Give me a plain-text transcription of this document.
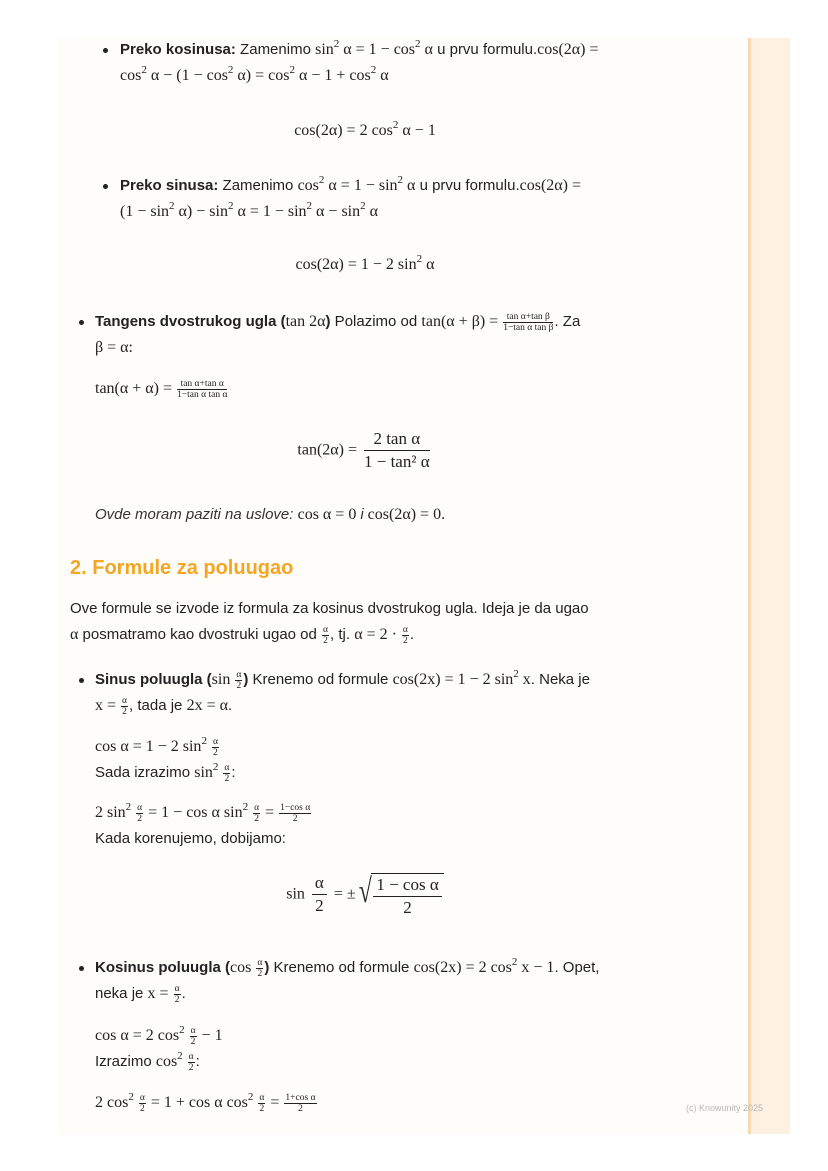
Preko kosinusa: Zamenimo $\sin^2 \alpha = 1 - \cos^2 \alpha$ u prvu formulu.cos(2α) =
$\cos^2 \alpha - (1 - \cos^2 \alpha) = \cos^2 \alpha - 1 + \cos^2 \alpha$
cos(2α) = 2 $\cos^2 \alpha - 1$
Preko sinusa: Zamenimo $\cos^2 \alpha = 1 - \sin^2 \alpha$ u prvu formulu.cos(2α) =
$(1 - \sin^2 \alpha) - \sin^2 \alpha = 1 - \sin^2 \alpha - \sin^2 \alpha$
cos(2α) = 1 − 2 $\sin^2 \alpha$
Tangens dvostrukog ugla (tan 2α) Polazimo od $\tan(\alpha + \beta) = \frac{\text{tan α+tan β}}{\text{1−tan α tan β}}$ . Za
β = α:
$\tan(\alpha + \alpha) = \frac{\text{tan α+tan α}}{\text{1−tan α tan α}}$
$\tan(2\alpha) = \frac{\text{2 tan α}}{\text{1 − tan² α}}$
Ovde moram paziti na uslove: cos α = 0 i cos(2α) = 0.
2. Formule za poluugao
Ove formule se izvode iz formula za kosinus dvostrukog ugla. Ideja je da ugao
α posmatramo kao dvostruki ugao od $\frac{\alpha}{2}$ , tj. $\alpha = 2 \cdot \frac{\alpha}{2}$ .
Sinus poluugla ($\sin \frac{\alpha}{2}$ ) Krenemo od formule cos(2x) = 1 − 2 $\sin^2 x$. Neka je
$x = \frac{\alpha}{2}$ , tada je 2x = α.
cos α = 1 − 2 $\sin^2 \frac{\alpha}{2}$
Sada izrazimo $\sin^2 \frac{\alpha}{2}$ :
2 $\sin^2 \frac{\alpha}{2} = 1 - \cos \alpha$ $\sin^2 \frac{\alpha}{2} = \frac{\text{1−cos α}}{2}$
Kada korenujemo, dobijamo:
$\sin \frac{\alpha}{2}$ = ± √ $\frac{\text{1 − cos α}}{2}$
Kosinus poluugla ($\cos \frac{\alpha}{2}$ ) Krenemo od formule cos(2x) = 2 $\cos^2 x - 1$. Opet,
neka je $x = \frac{\alpha}{2}$ .
cos α = 2 $\cos^2 \frac{\alpha}{2} - 1$
Izrazimo $\cos^2 \frac{\alpha}{2}$ :
2 $\cos^2 \frac{\alpha}{2} = 1 + \cos \alpha$ $\cos^2 \frac{\alpha}{2} = \frac{\text{1+cos α}}{2}$	(c) Knowunity 2025
